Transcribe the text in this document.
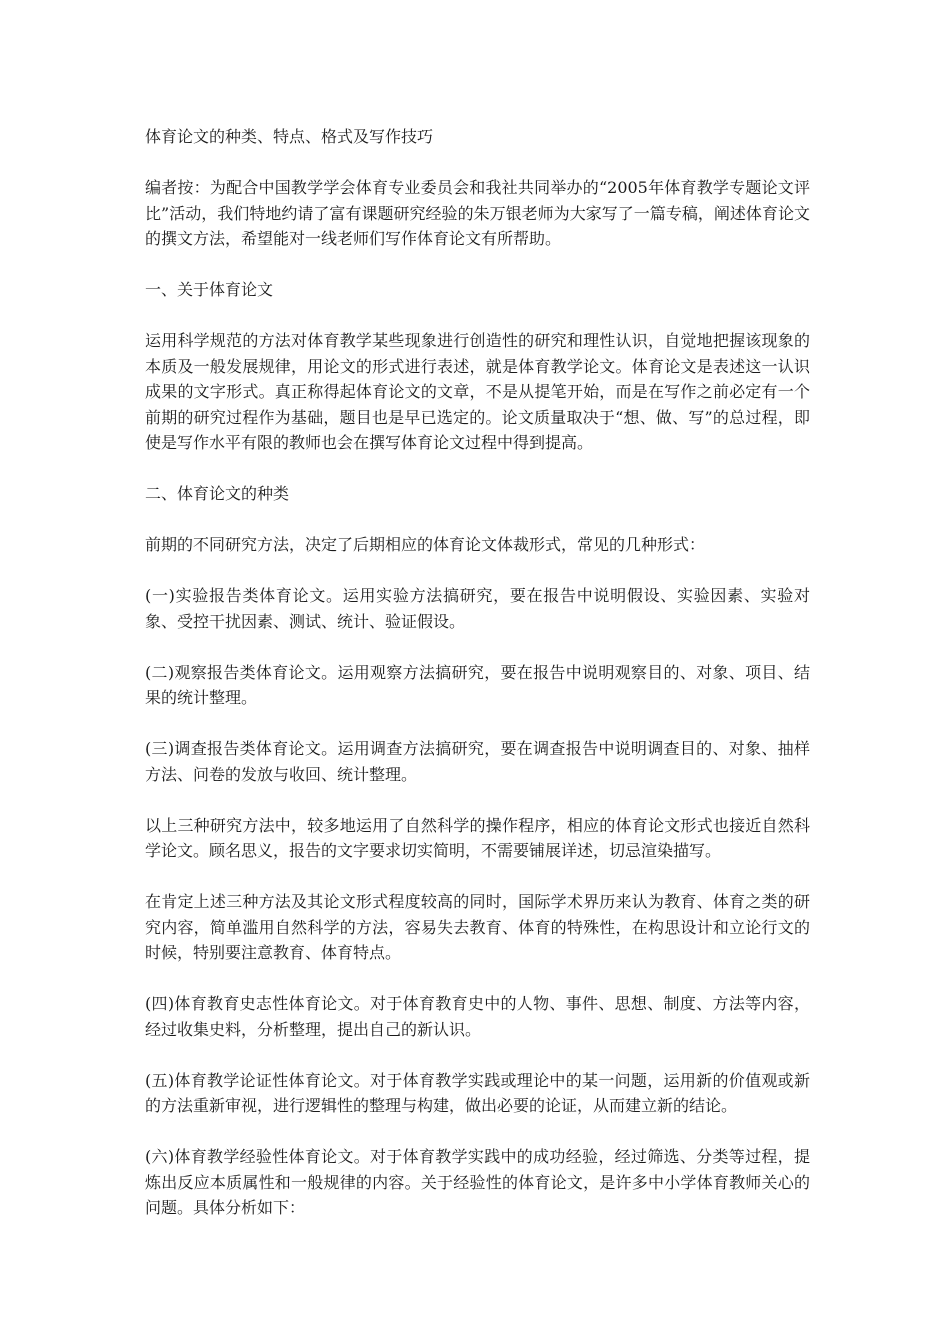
体育论文的种类、特点、格式及写作技巧

编者按：为配合中国教学学会体育专业委员会和我社共同举办的“2005年体育教学专题论文评比”活动，我们特地约请了富有课题研究经验的朱万银老师为大家写了一篇专稿，阐述体育论文的撰文方法，希望能对一线老师们写作体育论文有所帮助。

一、关于体育论文

运用科学规范的方法对体育教学某些现象进行创造性的研究和理性认识，自觉地把握该现象的本质及一般发展规律，用论文的形式进行表述，就是体育教学论文。体育论文是表述这一认识成果的文字形式。真正称得起体育论文的文章，不是从提笔开始，而是在写作之前必定有一个前期的研究过程作为基础，题目也是早已选定的。论文质量取决于“想、做、写”的总过程，即使是写作水平有限的教师也会在撰写体育论文过程中得到提高。

二、体育论文的种类

前期的不同研究方法，决定了后期相应的体育论文体裁形式，常见的几种形式：

(一)实验报告类体育论文。运用实验方法搞研究，要在报告中说明假设、实验因素、实验对象、受控干扰因素、测试、统计、验证假设。

(二)观察报告类体育论文。运用观察方法搞研究，要在报告中说明观察目的、对象、项目、结果的统计整理。

(三)调查报告类体育论文。运用调查方法搞研究，要在调查报告中说明调查目的、对象、抽样方法、问卷的发放与收回、统计整理。

以上三种研究方法中，较多地运用了自然科学的操作程序，相应的体育论文形式也接近自然科学论文。顾名思义，报告的文字要求切实简明，不需要铺展详述，切忌渲染描写。

在肯定上述三种方法及其论文形式程度较高的同时，国际学术界历来认为教育、体育之类的研究内容，简单滥用自然科学的方法，容易失去教育、体育的特殊性，在构思设计和立论行文的时候，特别要注意教育、体育特点。

(四)体育教育史志性体育论文。对于体育教育史中的人物、事件、思想、制度、方法等内容，经过收集史料，分析整理，提出自己的新认识。

(五)体育教学论证性体育论文。对于体育教学实践或理论中的某一问题，运用新的价值观或新的方法重新审视，进行逻辑性的整理与构建，做出必要的论证，从而建立新的结论。

(六)体育教学经验性体育论文。对于体育教学实践中的成功经验，经过筛选、分类等过程，提炼出反应本质属性和一般规律的内容。关于经验性的体育论文，是许多中小学体育教师关心的问题。具体分析如下：
